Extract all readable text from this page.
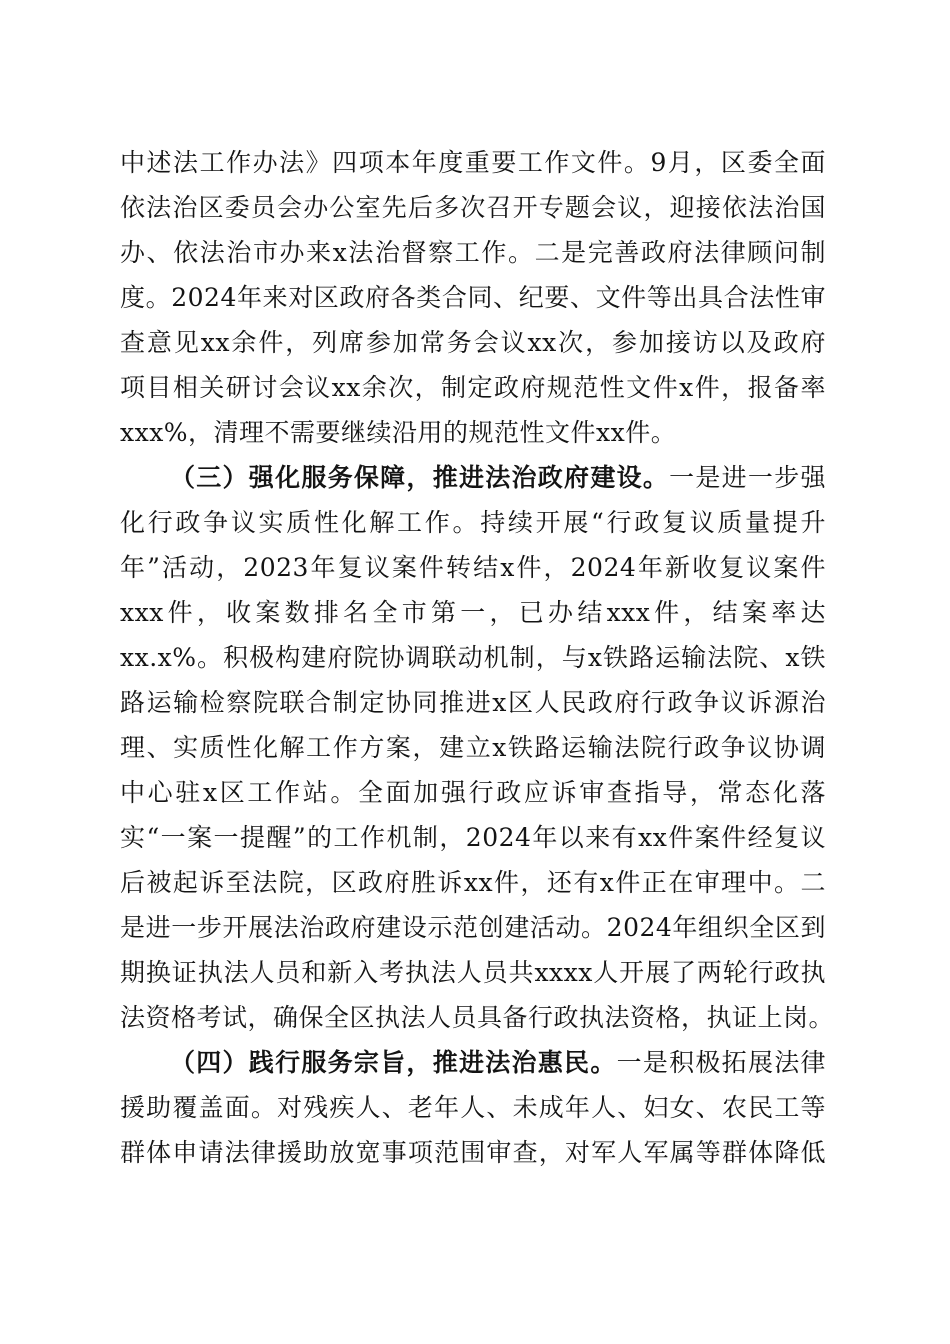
中述法工作办法》四项本年度重要工作文件。9月，区委全面
依法治区委员会办公室先后多次召开专题会议，迎接依法治国
办、依法治市办来x法治督察工作。二是完善政府法律顾问制
度。2024年来对区政府各类合同、纪要、文件等出具合法性审
查意见xx余件，列席参加常务会议xx次，参加接访以及政府
项目相关研讨会议xx余次，制定政府规范性文件x件，报备率
xxx%，清理不需要继续沿用的规范性文件xx件。
（三）强化服务保障，推进法治政府建设。一是进一步强
化行政争议实质性化解工作。持续开展“行政复议质量提升
年”活动，2023年复议案件转结x件，2024年新收复议案件
xxx件，收案数排名全市第一，已办结xxx件，结案率达
xx.x%。积极构建府院协调联动机制，与x铁路运输法院、x铁
路运输检察院联合制定协同推进x区人民政府行政争议诉源治
理、实质性化解工作方案，建立x铁路运输法院行政争议协调
中心驻x区工作站。全面加强行政应诉审查指导，常态化落
实“一案一提醒”的工作机制，2024年以来有xx件案件经复议
后被起诉至法院，区政府胜诉xx件，还有x件正在审理中。二
是进一步开展法治政府建设示范创建活动。2024年组织全区到
期换证执法人员和新入考执法人员共xxxx人开展了两轮行政执
法资格考试，确保全区执法人员具备行政执法资格，执证上岗。
（四）践行服务宗旨，推进法治惠民。一是积极拓展法律
援助覆盖面。对残疾人、老年人、未成年人、妇女、农民工等
群体申请法律援助放宽事项范围审查，对军人军属等群体降低
